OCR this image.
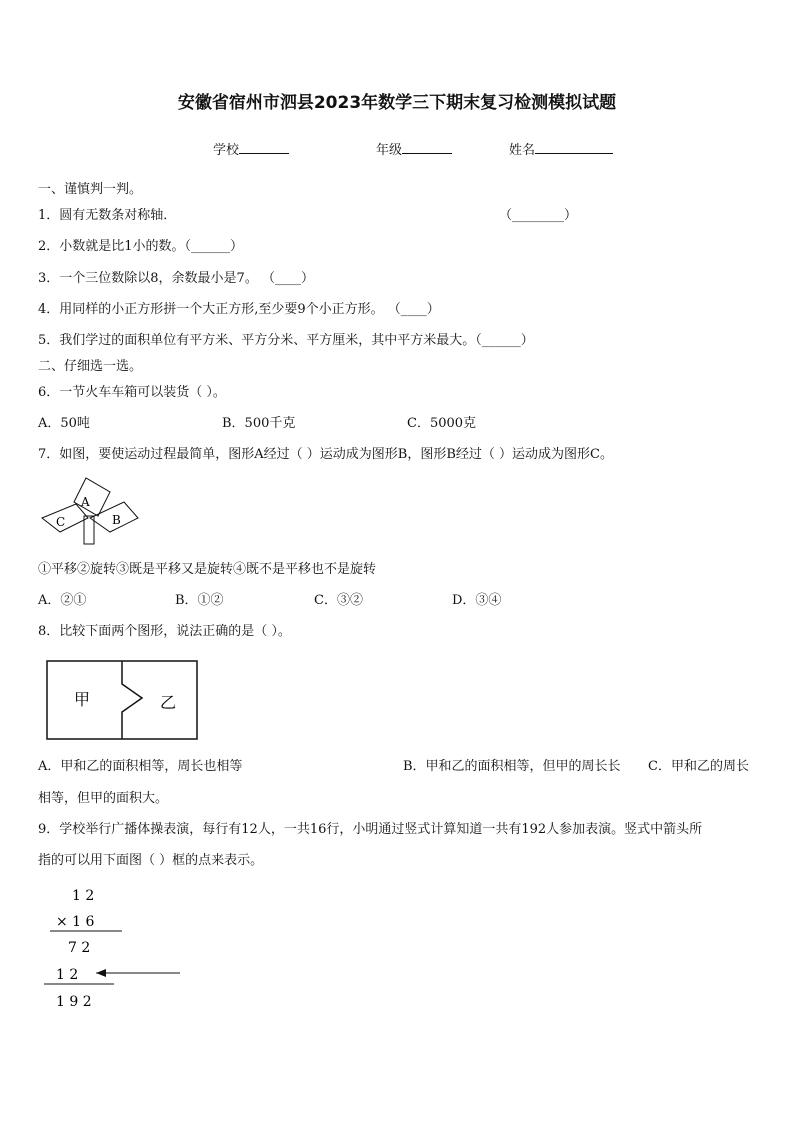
安徽省宿州市泗县2023年数学三下期末复习检测模拟试题
学校	年级	姓名
一、谨慎判一判。
1．圆有无数条对称轴．	（________）
2．小数就是比1小的数。（______）
3．一个三位数除以8，余数最小是7。 （____）
4．用同样的小正方形拼一个大正方形,至少要9个小正方形。 （____）
5．我们学过的面积单位有平方米、平方分米、平方厘米，其中平方米最大。（______）
二、仔细选一选。
6．一节火车车箱可以装货（ ）。
A．50吨	B．500千克	C．5000克
7．如图，要使运动过程最简单，图形A经过（ ）运动成为图形B，图形B经过（ ）运动成为图形C。
A
B
C
①平移②旋转③既是平移又是旋转④既不是平移也不是旋转
A．②①	B．①②	C．③②	D．③④
8．比较下面两个图形，说法正确的是（ ）。
甲	乙
A．甲和乙的面积相等，周长也相等	B．甲和乙的面积相等，但甲的周长长 C．甲和乙的周长
相等，但甲的面积大。
9．学校举行广播体操表演，每行有12人，一共16行，小明通过竖式计算知道一共有192人参加表演。竖式中箭头所
指的可以用下面图（ ）框的点来表示。
1 2
× 1 6
7 2
1 2
1 9 2
